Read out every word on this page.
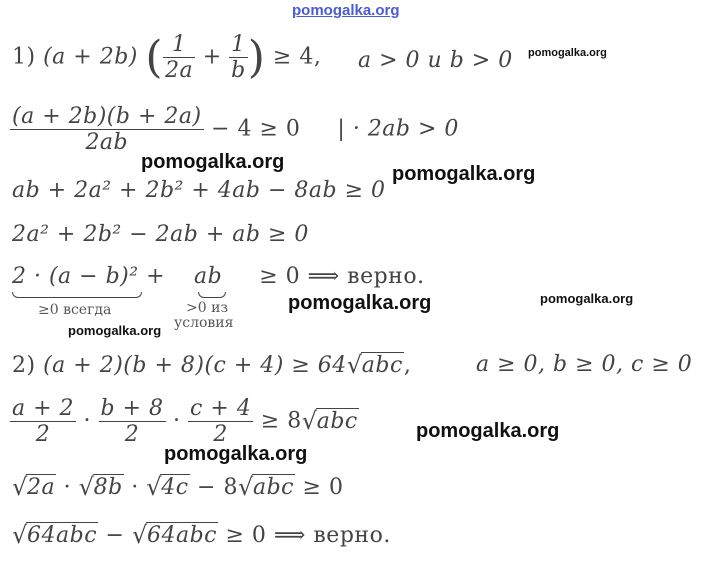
pomogalka.org
1) (a + 2b) ( $\frac{1}{2a} + \frac{1}{b}$ ) ≥ 4, a > 0 и b > 0 pomogalka.org
$\frac{(a + 2b)(b + 2a)}{2ab} - 4 \ge 0$ | · 2ab > 0
pomogalka.org
pomogalka.org
ab + 2a² + 2b² + 4ab − 8ab ≥ 0
2a² + 2b² − 2ab + ab ≥ 0
2 · (a − b)² + ab ≥ 0 ⟹ верно.
≥0 всегда	>0 из
условия
pomogalka.org	pomogalka.org
pomogalka.org
2) (a + 2)(b + 8)(c + 4) ≥ 64 √ abc,	a ≥ 0, b ≥ 0, c ≥ 0
$\frac{a + 2}{2} \cdot \frac{b + 8}{2} \cdot \frac{c + 4}{2} \ge 8$ √ abc	pomogalka.org
pomogalka.org
√ 2a · √ 8b · √ 4c − 8 √ abc ≥ 0
√ 64abc − √ 64abc ≥ 0 ⟹ верно.
